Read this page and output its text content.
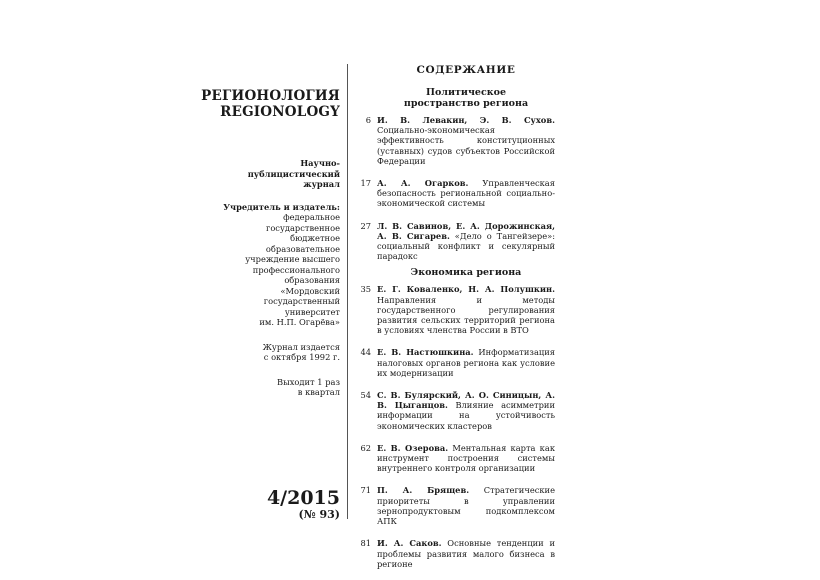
РЕГИОНОЛОГИЯ
REGIONOLOGY
Научно-
публицистический
журнал
Учредитель и издатель:
федеральное
государственное
бюджетное
образовательное
учреждение высшего
профессионального
образования
«Мордовский
государственный
университет
им. Н.П. Огарёва»
Журнал издается
с октября 1992 г.
Выходит 1 раз
в квартал
4/2015
(№ 93)
СОДЕРЖАНИЕ
Политическое
пространство региона
6 И. В. Левакин, Э. В. Сухов. Социально-экономическая эффективность конституционных (уставных) судов субъектов Российской Федерации
17 А. А. Огарков. Управленческая безопасность региональной социально-экономической системы
27 Л. В. Савинов, Е. А. Дорожинская, А. В. Сигарев. «Дело о Тангейзере»: социальный конфликт и секулярный парадокс
Экономика региона
35 Е. Г. Коваленко, Н. А. Полушкин. Направления и методы государственного регулирования развития сельских территорий региона в условиях членства России в ВТО
44 Е. В. Настюшкина. Информатизация налоговых органов региона как условие их модернизации
54 С. В. Булярский, А. О. Синицын, А. В. Цыганцов. Влияние асимметрии информации на устойчивость экономических кластеров
62 Е. В. Озерова. Ментальная карта как инструмент построения системы внутреннего контроля организации
71 П. А. Брящев. Стратегические приоритеты в управлении зернопродуктовым подкомплексом АПК
81 И. А. Саков. Основные тенденции и проблемы развития малого бизнеса в регионе
